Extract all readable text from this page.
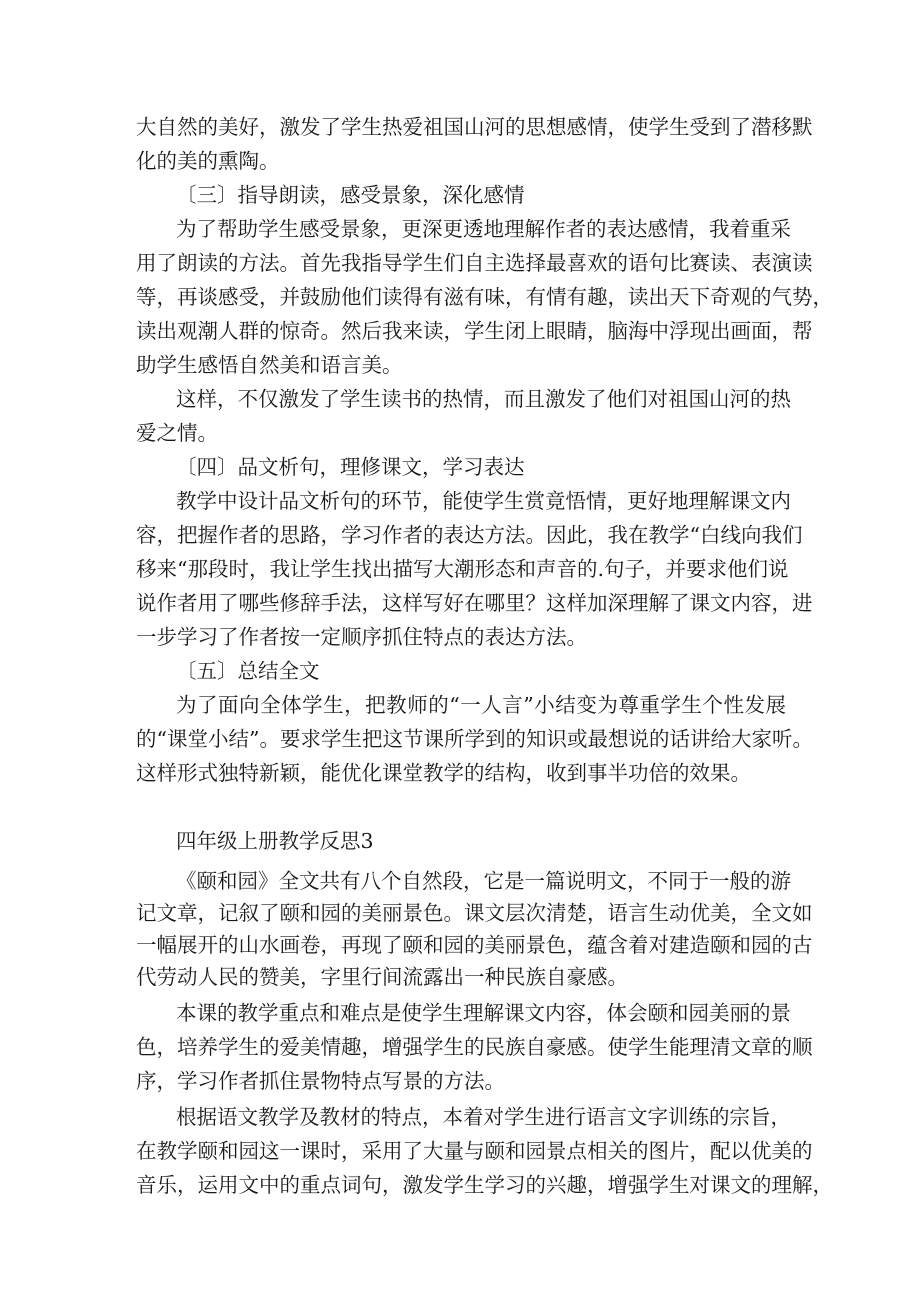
大自然的美好，激发了学生热爱祖国山河的思想感情，使学生受到了潜移默
化的美的熏陶。
〔三〕指导朗读，感受景象，深化感情
为了帮助学生感受景象，更深更透地理解作者的表达感情，我着重采
用了朗读的方法。首先我指导学生们自主选择最喜欢的语句比赛读、表演读
等，再谈感受，并鼓励他们读得有滋有味，有情有趣，读出天下奇观的气势，
读出观潮人群的惊奇。然后我来读，学生闭上眼睛，脑海中浮现出画面，帮
助学生感悟自然美和语言美。
这样，不仅激发了学生读书的热情，而且激发了他们对祖国山河的热
爱之情。
〔四〕品文析句，理修课文，学习表达
教学中设计品文析句的环节，能使学生赏竟悟情，更好地理解课文内
容，把握作者的思路，学习作者的表达方法。因此，我在教学“白线向我们
移来“那段时，我让学生找出描写大潮形态和声音的.句子，并要求他们说
说作者用了哪些修辞手法，这样写好在哪里？这样加深理解了课文内容，进
一步学习了作者按一定顺序抓住特点的表达方法。
〔五〕总结全文
为了面向全体学生，把教师的“一人言”小结变为尊重学生个性发展
的“课堂小结”。要求学生把这节课所学到的知识或最想说的话讲给大家听。
这样形式独特新颖，能优化课堂教学的结构，收到事半功倍的效果。
四年级上册教学反思3
《颐和园》全文共有八个自然段，它是一篇说明文，不同于一般的游
记文章，记叙了颐和园的美丽景色。课文层次清楚，语言生动优美，全文如
一幅展开的山水画卷，再现了颐和园的美丽景色，蕴含着对建造颐和园的古
代劳动人民的赞美，字里行间流露出一种民族自豪感。
本课的教学重点和难点是使学生理解课文内容，体会颐和园美丽的景
色，培养学生的爱美情趣，增强学生的民族自豪感。使学生能理清文章的顺
序，学习作者抓住景物特点写景的方法。
根据语文教学及教材的特点，本着对学生进行语言文字训练的宗旨，
在教学颐和园这一课时，采用了大量与颐和园景点相关的图片，配以优美的
音乐，运用文中的重点词句，激发学生学习的兴趣，增强学生对课文的理解，
